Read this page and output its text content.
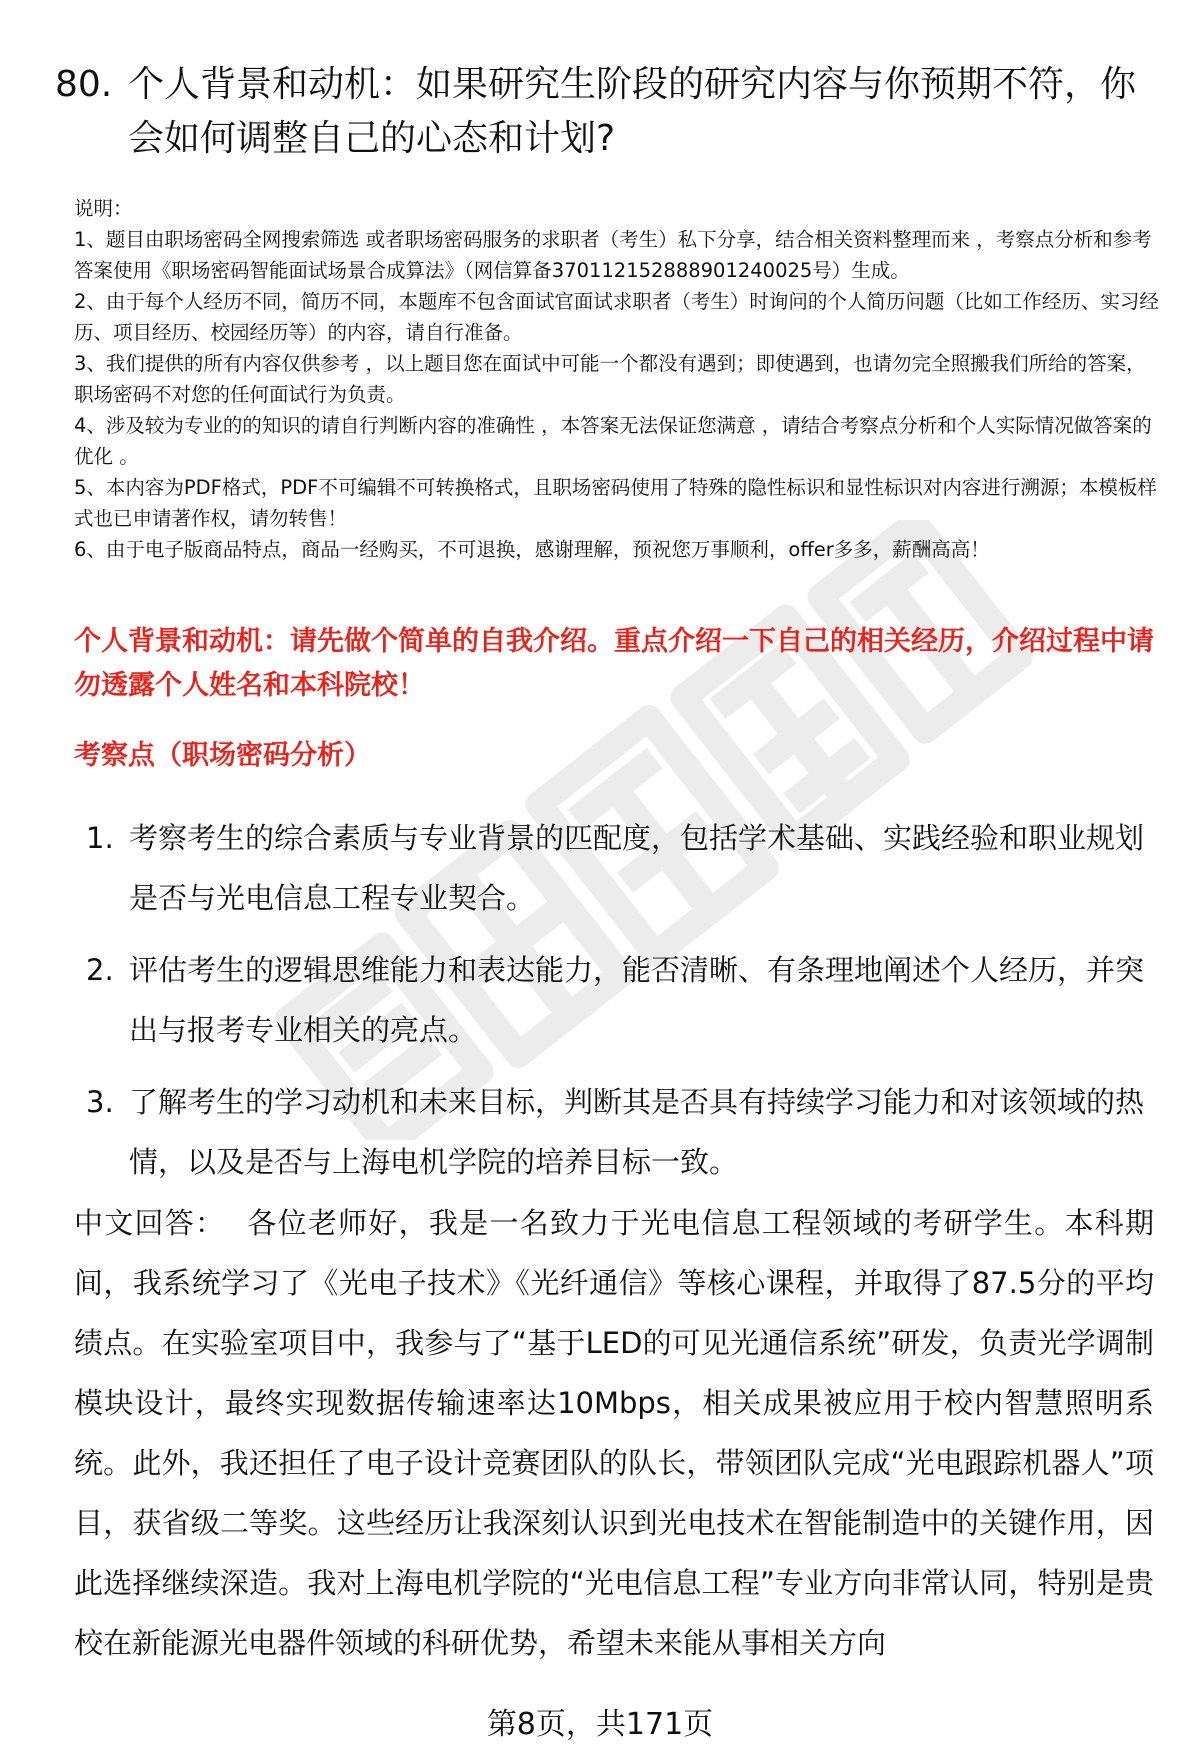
80. 个人背景和动机：如果研究生阶段的研究内容与你预期不符，你会如何调整自己的心态和计划?

说明：

1、题目由职场密码全网搜索筛选 或者职场密码服务的求职者（考生）私下分享，结合相关资料整理而来 ，考察点分析和参考答案使用《职场密码智能面试场景合成算法》（网信算备370112152888901240025号）生成。

2、由于每个人经历不同，简历不同，本题库不包含面试官面试求职者（考生）时询问的个人简历问题（比如工作经历、实习经历、项目经历、校园经历等）的内容，请自行准备。

3、我们提供的所有内容仅供参考 ，以上题目您在面试中可能一个都没有遇到；即使遇到，也请勿完全照搬我们所给的答案，职场密码不对您的任何面试行为负责。

4、涉及较为专业的的知识的请自行判断内容的准确性 ，本答案无法保证您满意 ，请结合考察点分析和个人实际情况做答案的优化 。

5、本内容为PDF格式，PDF不可编辑不可转换格式，且职场密码使用了特殊的隐性标识和显性标识对内容进行溯源；本模板样式也已申请著作权，请勿转售！

6、由于电子版商品特点，商品一经购买，不可退换，感谢理解，预祝您万事顺利，offer多多，薪酬高高！

个人背景和动机：请先做个简单的自我介绍。重点介绍一下自己的相关经历，介绍过程中请勿透露个人姓名和本科院校！
考察点（职场密码分析）
1. 考察考生的综合素质与专业背景的匹配度，包括学术基础、实践经验和职业规划是否与光电信息工程专业契合。
2. 评估考生的逻辑思维能力和表达能力，能否清晰、有条理地阐述个人经历，并突出与报考专业相关的亮点。
3. 了解考生的学习动机和未来目标，判断其是否具有持续学习能力和对该领域的热情，以及是否与上海电机学院的培养目标一致。
中文回答： 各位老师好，我是一名致力于光电信息工程领域的考研学生。本科期间，我系统学习了《光电子技术》《光纤通信》等核心课程，并取得了87.5分的平均绩点。在实验室项目中，我参与了“基于LED的可见光通信系统”研发，负责光学调制模块设计，最终实现数据传输速率达10Mbps，相关成果被应用于校内智慧照明系统。此外，我还担任了电子设计竞赛团队的队长，带领团队完成“光电跟踪机器人”项目，获省级二等奖。这些经历让我深刻认识到光电技术在智能制造中的关键作用，因此选择继续深造。我对上海电机学院的“光电信息工程”专业方向非常认同，特别是贵校在新能源光电器件领域的科研优势，希望未来能从事相关方向
第8页，共171页
